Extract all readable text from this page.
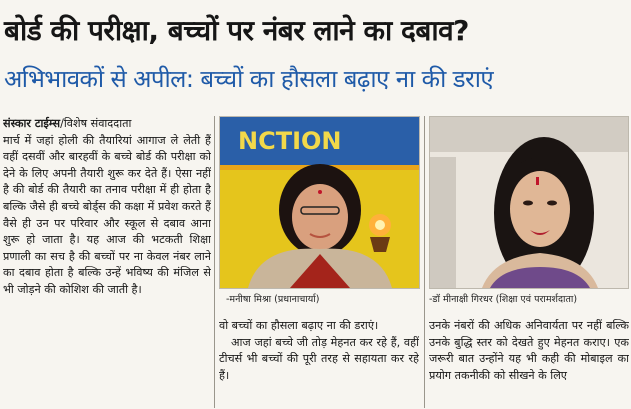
बोर्ड की परीक्षा, बच्चों पर नंबर लाने का दबाव?
अभिभावकों से अपील: बच्चों का हौसला बढ़ाए ना की डराएं
संस्कार टाईम्स/विशेष संवाददाता

मार्च में जहां होली की तैयारियां आगाज ले लेती हैं वहीं दसवीं और बारहवीं के बच्चे बोर्ड की परीक्षा को देने के लिए अपनी तैयारी शुरू कर देते हैं। ऐसा नहीं है की बोर्ड की तैयारी का तनाव परीक्षा में ही होता है बल्कि जैसे ही बच्चे बोर्ड्स की कक्षा में प्रवेश करते हैं वैसे ही उन पर परिवार और स्कूल से दबाव आना शुरू हो जाता है। यह आज की भटकती शिक्षा प्रणाली का सच है की बच्चों पर ना केवल नंबर लाने का दबाव होता है बल्कि उन्हें भविष्य की मंजिल से भी जोड़ने की कोशिश की जाती है।

NCTION
-मनीषा मिश्रा (प्रधानाचार्या)	-डॉ मीनाक्षी गिरधर (शिक्षा एवं परामर्शदाता)

वो बच्चों का हौसला बढ़ाए ना की डराएं।

आज जहां बच्चे जी तोड़ मेहनत कर रहे हैं, वहीं टीचर्स भी बच्चों की पूरी तरह से सहायता कर रहे हैं।

उनके नंबरों की अधिक अनिवार्यता पर नहीं बल्कि उनके बुद्धि स्तर को देखते हुए मेहनत कराए। एक जरूरी बात उन्होंने यह भी कही की मोबाइल का प्रयोग तकनीकी को सीखने के लिए
